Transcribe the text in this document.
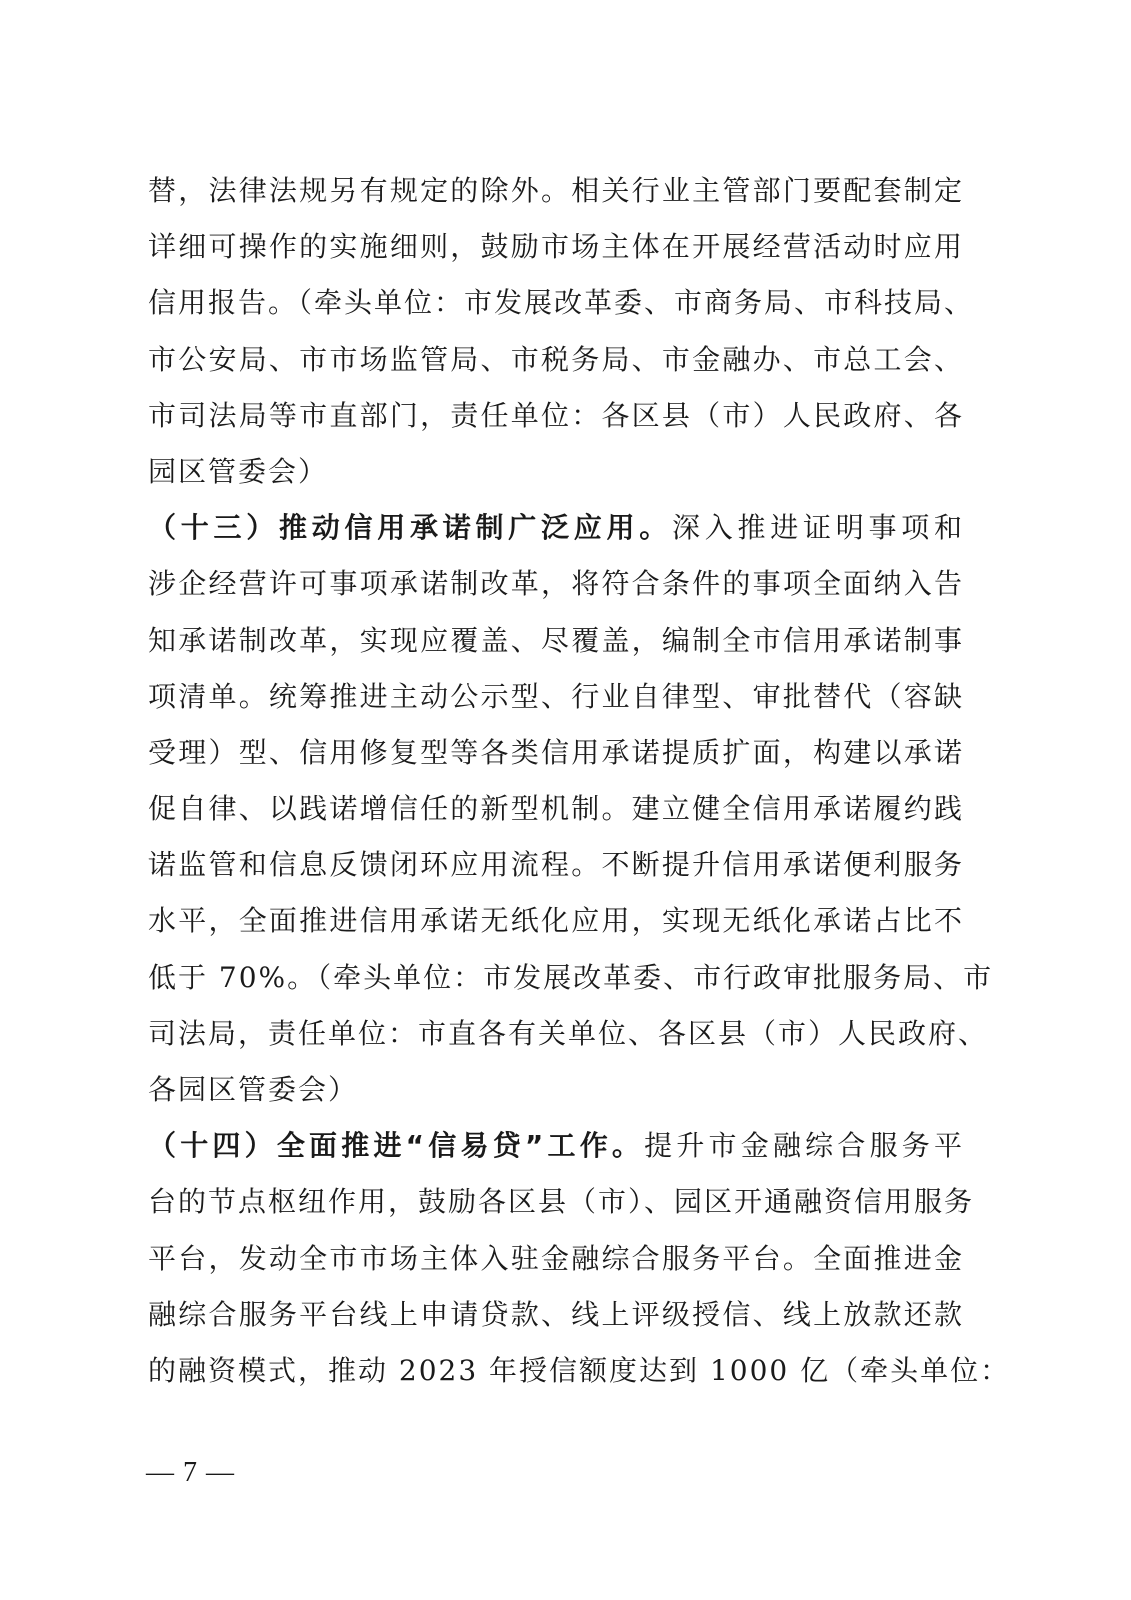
替，法律法规另有规定的除外。相关行业主管部门要配套制定
详细可操作的实施细则，鼓励市场主体在开展经营活动时应用
信用报告。（牵头单位：市发展改革委、市商务局、市科技局、
市公安局、市市场监管局、市税务局、市金融办、市总工会、
市司法局等市直部门，责任单位：各区县（市）人民政府、各
园区管委会）
（十三）推动信用承诺制广泛应用。深入推进证明事项和
涉企经营许可事项承诺制改革，将符合条件的事项全面纳入告
知承诺制改革，实现应覆盖、尽覆盖，编制全市信用承诺制事
项清单。统筹推进主动公示型、行业自律型、审批替代（容缺
受理）型、信用修复型等各类信用承诺提质扩面，构建以承诺
促自律、以践诺增信任的新型机制。建立健全信用承诺履约践
诺监管和信息反馈闭环应用流程。不断提升信用承诺便利服务
水平，全面推进信用承诺无纸化应用，实现无纸化承诺占比不
低于 70%。（牵头单位：市发展改革委、市行政审批服务局、市
司法局，责任单位：市直各有关单位、各区县（市）人民政府、
各园区管委会）
（十四）全面推进“信易贷”工作。提升市金融综合服务平
台的节点枢纽作用，鼓励各区县（市）、园区开通融资信用服务
平台，发动全市市场主体入驻金融综合服务平台。全面推进金
融综合服务平台线上申请贷款、线上评级授信、线上放款还款
的融资模式，推动 2023 年授信额度达到 1000 亿（牵头单位：
— 7 —
